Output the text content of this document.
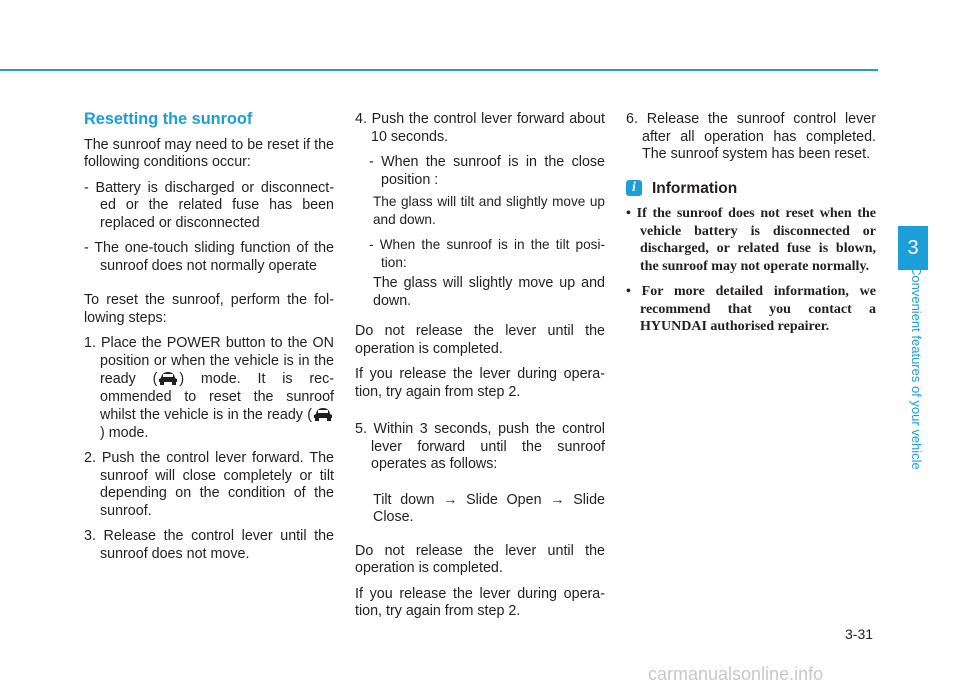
Resetting the sunroof

The sunroof may need to be reset if the following conditions occur:

- Battery is discharged or disconnect-ed or the related fuse has been replaced or disconnected

- The one-touch sliding function of the sunroof does not normally operate

To reset the sunroof, perform the fol-lowing steps:

1. Place the POWER button to the ON position or when the vehicle is in the ready ( ) mode. It is rec-ommended to reset the sunroof whilst the vehicle is in the ready () mode.

2. Push the control lever forward. The sunroof will close completely or tilt depending on the condition of the sunroof.

3. Release the control lever until the sunroof does not move.

4. Push the control lever forward about 10 seconds.

- When the sunroof is in the close position :

The glass will tilt and slightly move up and down.

- When the sunroof is in the tilt posi-tion:

The glass will slightly move up and down.

Do not release the lever until the operation is completed.

If you release the lever during opera-tion, try again from step 2.

5. Within 3 seconds, push the control lever forward until the sunroof operates as follows:

Tilt down → Slide Open → Slide Close.

Do not release the lever until the operation is completed.

If you release the lever during opera-tion, try again from step 2.

6. Release the sunroof control lever after all operation has completed. The sunroof system has been reset.

i	Information

• If the sunroof does not reset when the vehicle battery is disconnected or discharged, or related fuse is blown, the sunroof may not operate normally.

• For more detailed information, we recommend that you contact a HYUNDAI authorised repairer.

3
Convenient features of your vehicle
3-31
carmanualsonline.info
